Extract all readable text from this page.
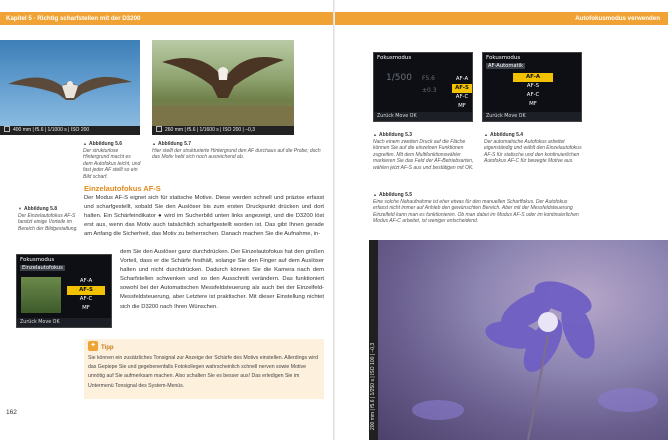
Kapitel 5 · Richtig scharfstellen mit der D3200	Autofokusmodus verwenden
400 mm | f5.6 | 1/1000 s | ISO 200	260 mm | f5.6 | 1/1600 s | ISO 200 | –0,3
▲ Abbildung 5.6
Der strukturlose Hintergrund macht es dem Autofokus leicht, und fast jeder AF stellt so ein Bild scharf.
▲ Abbildung 5.7
Hier stellt der strukturierte Hintergrund den AF durchaus auf die Probe; doch das Motiv hebt sich noch ausreichend ab.
Einzelautofokus AF-S
Der Modus AF-S eignet sich für statische Motive. Diese werden schnell und präzise erfasst und scharfgestellt, sobald Sie den Auslöser bis zum ersten Druckpunkt drücken und dort halten. Ein Schärfeindikator ● wird im Sucherbild unten links angezeigt, und die D3200 löst erst aus, wenn das Motiv auch tatsächlich scharfgestellt worden ist. Das gibt Ihnen gerade am Anfang die Sicherheit, das Motiv zu beherrschen. Danach machen Sie die Aufnahme, in-
dem Sie den Auslöser ganz durchdrücken. Der Einzelautofokus hat den großen Vorteil, dass er die Schärfe festhält, solange Sie den Finger auf dem Auslöser halten und nicht durchdrücken. Dadurch können Sie die Kamera nach dem Scharfstellen schwenken und so den Ausschnitt verändern. Das funktioniert sowohl bei der Automatischen Messfeldsteuerung als auch bei der Einzelfeld-Messfeldsteuerung, aber Letztere ist praktischer. Mit dieser Einstellung nichtet sich die D3200 nach Ihren Wünschen.
▼ Abbildung 5.8
Der Einzelautofokus AF-S besitzt einige Vorteile im Bereich der Bildgestaltung.
Fokusmodus
Einzelautofokus
AF-A
AF-S
AF-C
MF
Zurück Move OK
✦ Tipp
Sie können ein zusätzliches Tonsignal zur Anzeige der Schärfe des Motivs einstellen. Allerdings wird das Gepiepe Sie und gegebenenfalls Fotokollegen wahrscheinlich schnell nerven sowie Motive unnötig auf Sie aufmerksam machen. Also schalten Sie es besser aus! Das erledigen Sie im Untermenü Tonsignal des System-Menüs.
162
Fokusmodus
1/500 F5.6
±0.3
AF-A
AF-S
AF-C
MF
Zurück Move OK
Fokusmodus
AF-Automatik
AF-A
AF-S
AF-C
MF
Zurück Move OK
▲ Abbildung 5.3
Nach einem zweiten Druck auf die Fläche können Sie auf die einzelnen Funktionen zugreifen. Mit dem Multifunktionswähler markieren Sie das Feld der AF-Betriebsarten, wählen jetzt AF-S aus und bestätigen mit OK.
▲ Abbildung 5.4
Der automatische Autofokus arbeitet eigenständig und wählt den Einzelautofokus AF-S für statische und den kontinuierlichen Autofokus AF-C für bewegte Motive aus.
▲ Abbildung 5.5
Eine solche Nahaufnahme ist eher etwas für den manuellen Scharffokus. Der Autofokus erfasst nicht immer auf Anhieb den gewünschten Bereich. Aber mit der Messfeldsteuerung Einzelfeld kann man es funktionieren. Ob man dabei im Modus AF-S oder im kontinuierlichen Modus AF-C arbeitet, ist weniger entscheidend.
200 mm | f5.6 | 1/250 s | ISO 100 | –0,3
